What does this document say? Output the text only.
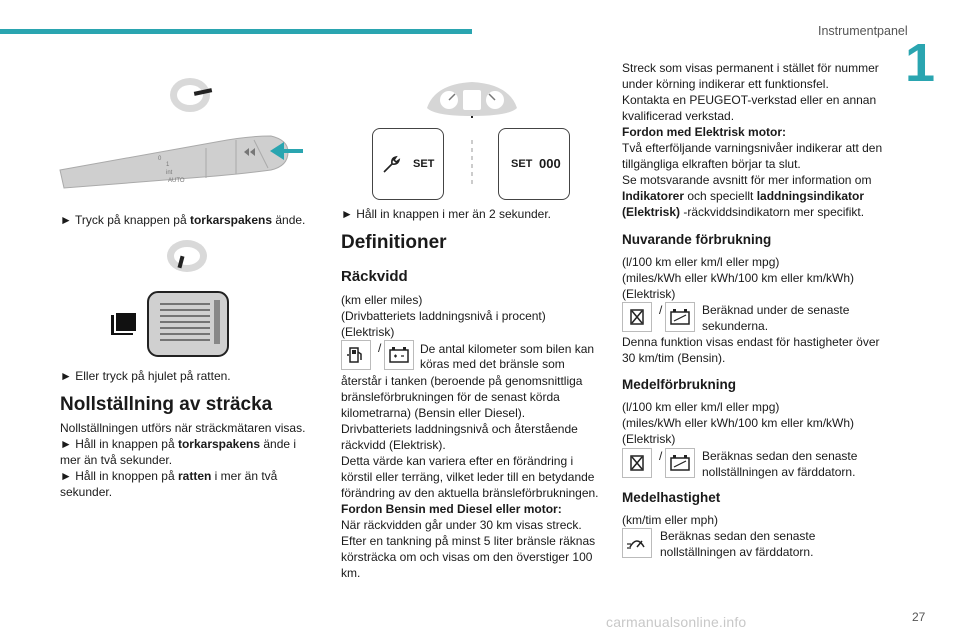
Instrumentpanel
1
27
carmanualsonline.info
0
1
int
AUTO
► Tryck på knappen på torkarspakens ände.
► Eller tryck på hjulet på ratten.
Nollställning av sträcka
Nollställningen utförs när sträckmätaren visas.
► Håll in knappen på torkarspakens ände i mer än två sekunder.
► Håll in knoppen på ratten i mer än två sekunder.
SET	SET 000
► Håll in knappen i mer än 2 sekunder.
Definitioner
Räckvidd
(km eller miles)
(Drivbatteriets laddningsnivå i procent)
(Elektrisk)
/	De antal kilometer som bilen kan
köras med det bränsle som
återstår i tanken (beroende på genomsnittliga bränsleförbrukningen för de senast körda kilometrarna) (Bensin eller Diesel).
Drivbatteriets laddningsnivå och återstående räckvidd (Elektrisk).
Detta värde kan variera efter en förändring i körstil eller terräng, vilket leder till en betydande förändring av den aktuella bränsleförbrukningen.
Fordon Bensin med Diesel eller motor:
När räckvidden går under 30 km visas streck.
Efter en tankning på minst 5 liter bränsle räknas körsträcka om och visas om den överstiger 100 km.
Streck som visas permanent i stället för nummer under körning indikerar ett funktionsfel.
Kontakta en PEUGEOT-verkstad eller en annan kvalificerad verkstad.
Fordon med Elektrisk motor:
Två efterföljande varningsnivåer indikerar att den tillgängliga elkraften börjar ta slut.
Se motsvarande avsnitt för mer information om Indikatorer och speciellt laddningsindikator (Elektrisk) -räckviddsindikatorn mer specifikt.
Nuvarande förbrukning
(l/100 km eller km/l eller mpg)
(miles/kWh eller kWh/100 km eller km/kWh)
(Elektrisk)
/	Beräknad under de senaste
sekunderna.
Denna funktion visas endast för hastigheter över 30 km/tim (Bensin).
Medelförbrukning
(l/100 km eller km/l eller mpg)
(miles/kWh eller kWh/100 km eller km/kWh)
(Elektrisk)
/	Beräknas sedan den senaste
nollställningen av färddatorn.
Medelhastighet
(km/tim eller mph)
Beräknas sedan den senaste
nollställningen av färddatorn.
